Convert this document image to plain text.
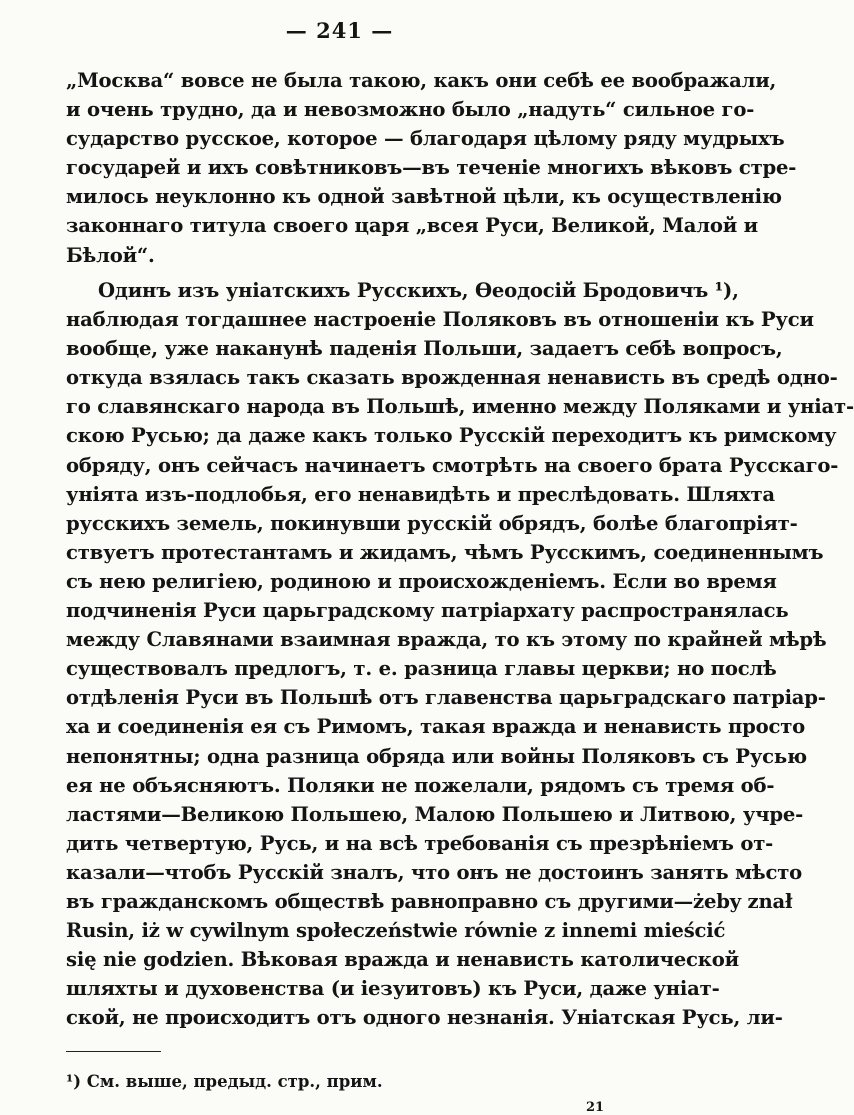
— 241 —
„Москва“ вовсе не была такою, какъ они себѣ ее воображали,
и очень трудно, да и невозможно было „надуть“ сильное го-
сударство русское, которое — благодаря цѣлому ряду мудрыхъ
государей и ихъ совѣтниковъ—въ теченіе многихъ вѣковъ стре-
милось неуклонно къ одной завѣтной цѣли, къ осуществленію
законнаго титула своего царя „всея Руси, Великой, Малой и
Бѣлой“.
Одинъ изъ уніатскихъ Русскихъ, Ѳеодосій Бродовичъ ¹),
наблюдая тогдашнее настроеніе Поляковъ въ отношеніи къ Руси
вообще, уже наканунѣ паденія Польши, задаетъ себѣ вопросъ,
откуда взялась такъ сказать врожденная ненависть въ средѣ одно-
го славянскаго народа въ Польшѣ, именно между Поляками и уніат-
скою Русью; да даже какъ только Русскій переходитъ къ римскому
обряду, онъ сейчасъ начинаетъ смотрѣть на своего брата Русскаго-
уніята изъ-подлобья, его ненавидѣть и преслѣдовать. Шляхта
русскихъ земель, покинувши русскій обрядъ, болѣе благопріят-
ствуетъ протестантамъ и жидамъ, чѣмъ Русскимъ, соединеннымъ
съ нею религіею, родиною и происхожденіемъ. Если во время
подчиненія Руси царьградскому патріархату распространялась
между Славянами взаимная вражда, то къ этому по крайней мѣрѣ
существовалъ предлогъ, т. е. разница главы церкви; но послѣ
отдѣленія Руси въ Польшѣ отъ главенства царьградскаго патріар-
ха и соединенія ея съ Римомъ, такая вражда и ненависть просто
непонятны; одна разница обряда или войны Поляковъ съ Русью
ея не объясняютъ. Поляки не пожелали, рядомъ съ тремя об-
ластями—Великою Польшею, Малою Польшею и Литвою, учре-
дить четвертую, Русь, и на всѣ требованія съ презрѣніемъ от-
казали—чтобъ Русскій зналъ, что онъ не достоинъ занять мѣсто
въ гражданскомъ обществѣ равноправно съ другими—żeby znał
Rusin, iż w cywilnym społeczeństwie rόwnie z innemi mieścić
się nie godzien. Вѣковая вражда и ненависть католической
шляхты и духовенства (и іезуитовъ) къ Руси, даже уніат-
ской, не происходитъ отъ одного незнанія. Уніатская Русь, ли-
¹) См. выше, предыд. стр., прим.
21
